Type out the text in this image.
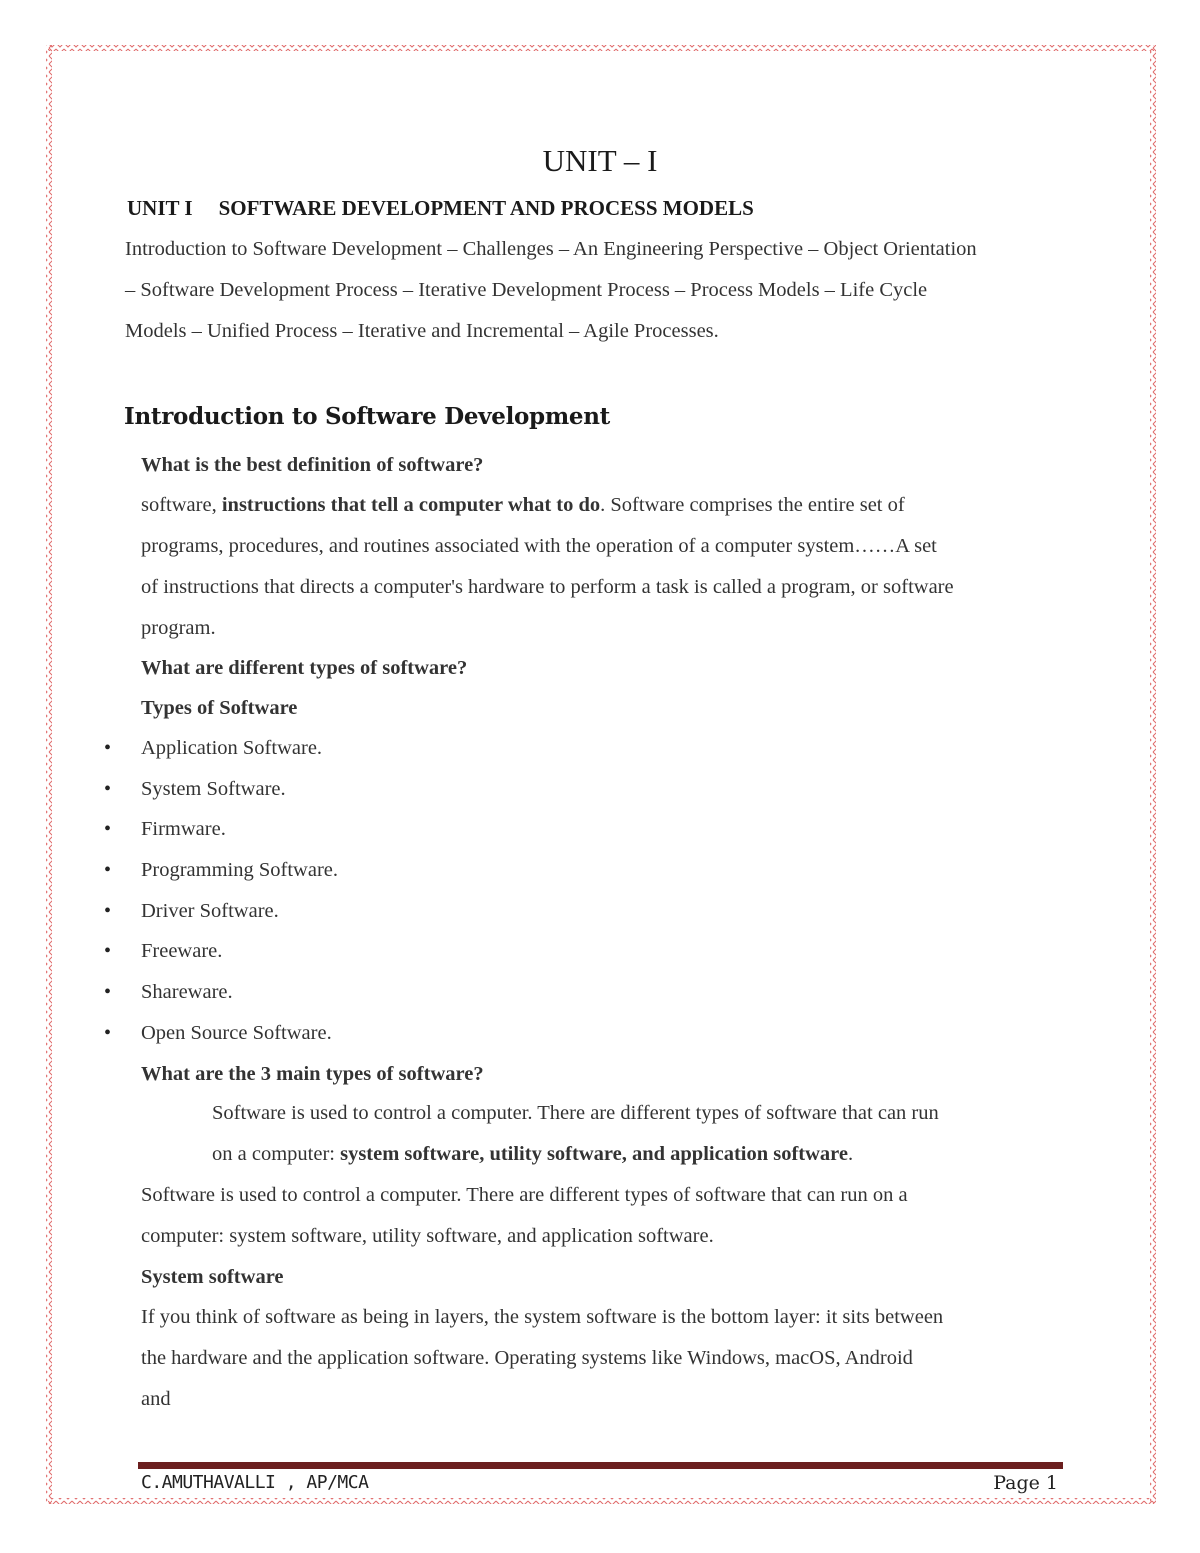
UNIT – I
UNIT I SOFTWARE DEVELOPMENT AND PROCESS MODELS
Introduction to Software Development – Challenges – An Engineering Perspective – Object Orientation
– Software Development Process – Iterative Development Process – Process Models – Life Cycle
Models – Unified Process – Iterative and Incremental – Agile Processes.
Introduction to Software Development
What is the best definition of software?
software, instructions that tell a computer what to do. Software comprises the entire set of
programs, procedures, and routines associated with the operation of a computer system……A set
of instructions that directs a computer's hardware to perform a task is called a program, or software
program.
What are different types of software?
Types of Software
• Application Software.
• System Software.
• Firmware.
• Programming Software.
• Driver Software.
• Freeware.
• Shareware.
• Open Source Software.
What are the 3 main types of software?
Software is used to control a computer. There are different types of software that can run
on a computer: system software, utility software, and application software.
Software is used to control a computer. There are different types of software that can run on a
computer: system software, utility software, and application software.
System software
If you think of software as being in layers, the system software is the bottom layer: it sits between
the hardware and the application software. Operating systems like Windows, macOS, Android
and
C.AMUTHAVALLI , AP/MCA	Page 1
